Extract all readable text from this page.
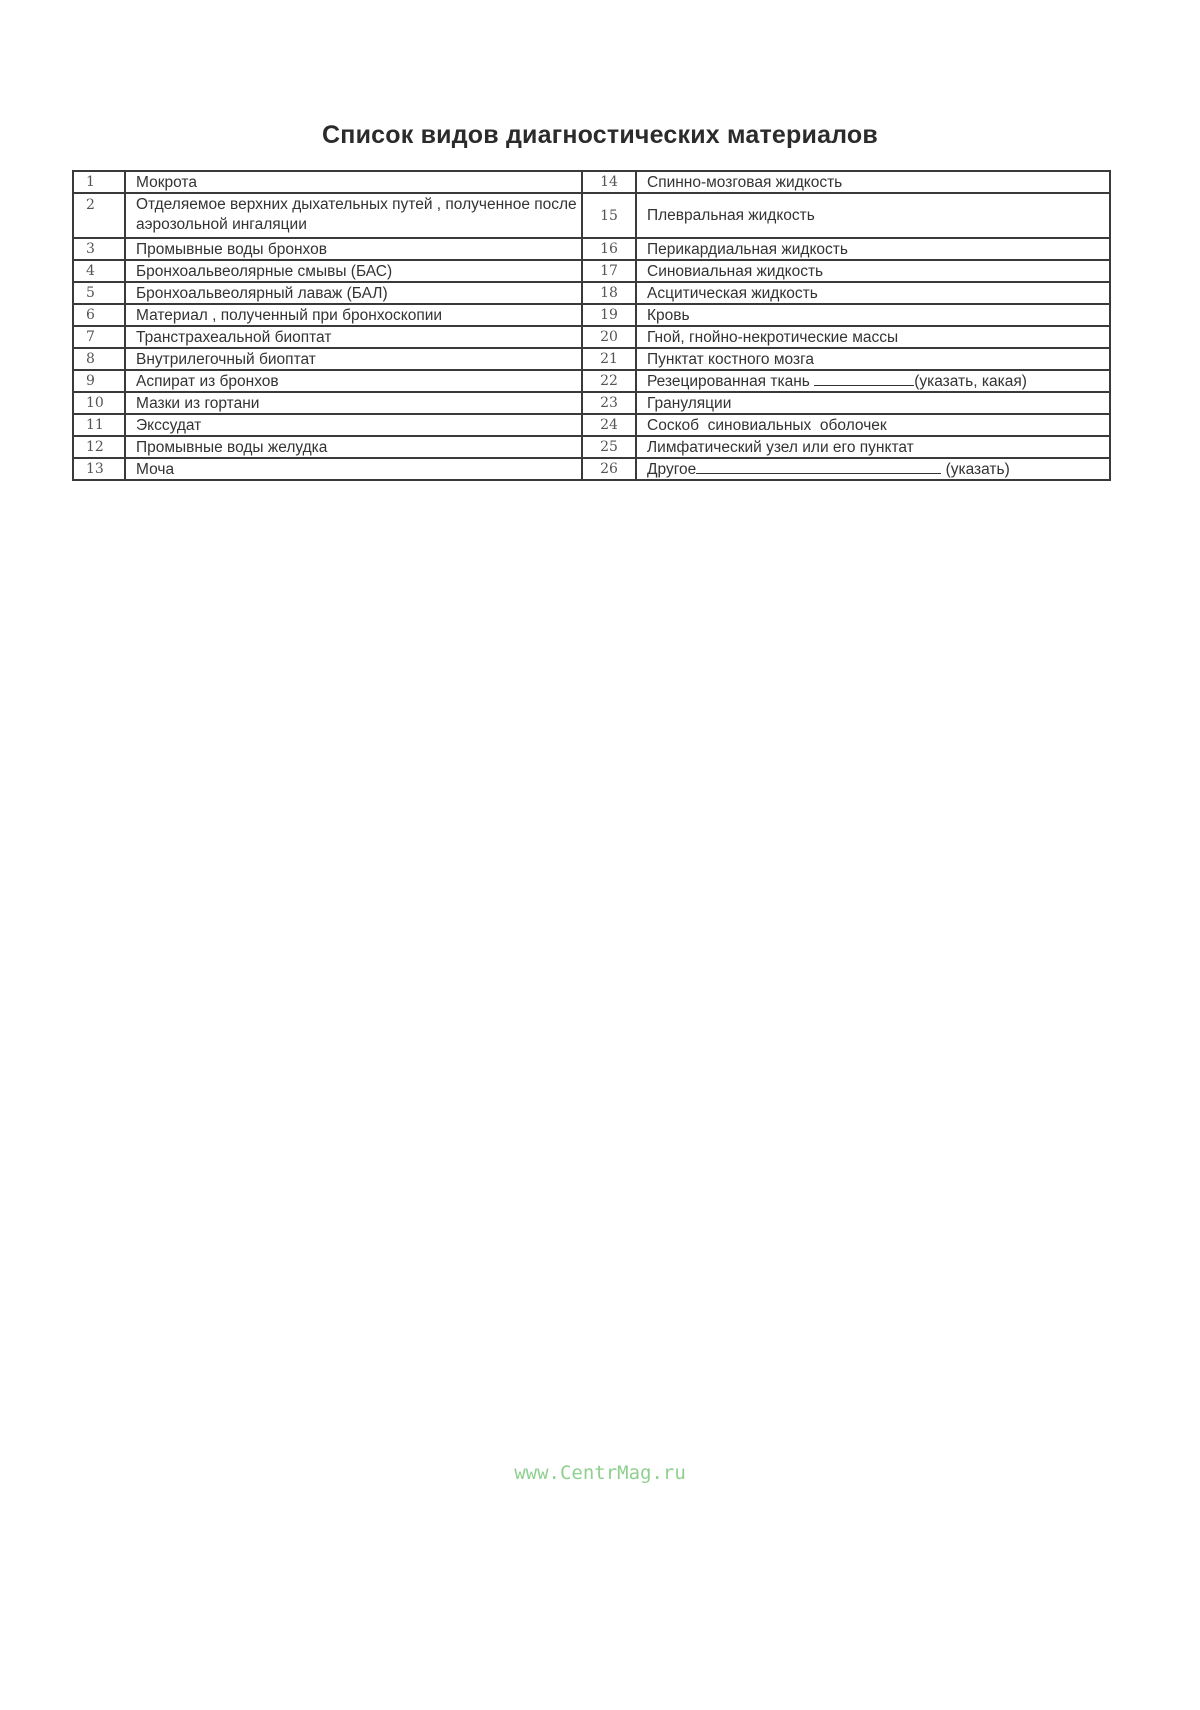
Список видов диагностических материалов
1	Мокрота	14	Спинно-мозговая жидкость
2	Отделяемое верхних дыхательных путей , полученное после аэрозольной ингаляции	15	Плевральная жидкость
3	Промывные воды бронхов	16	Перикардиальная жидкость
4	Бронхоальвеолярные смывы (БАС)	17	Синовиальная жидкость
5	Бронхоальвеолярный лаваж (БАЛ)	18	Асцитическая жидкость
6	Материал , полученный при бронхоскопии	19	Кровь
7	Транстрахеальной биоптат	20	Гной, гнойно-некротические массы
8	Внутрилегочный биоптат	21	Пунктат костного мозга
9	Аспират из бронхов	22	Резецированная ткань (указать, какая)
10	Мазки из гортани	23	Грануляции
11	Экссудат	24	Соскоб  синовиальных  оболочек
12	Промывные воды желудка	25	Лимфатический узел или его пунктат
13	Моча	26	Другое (указать)
www.CentrMag.ru
